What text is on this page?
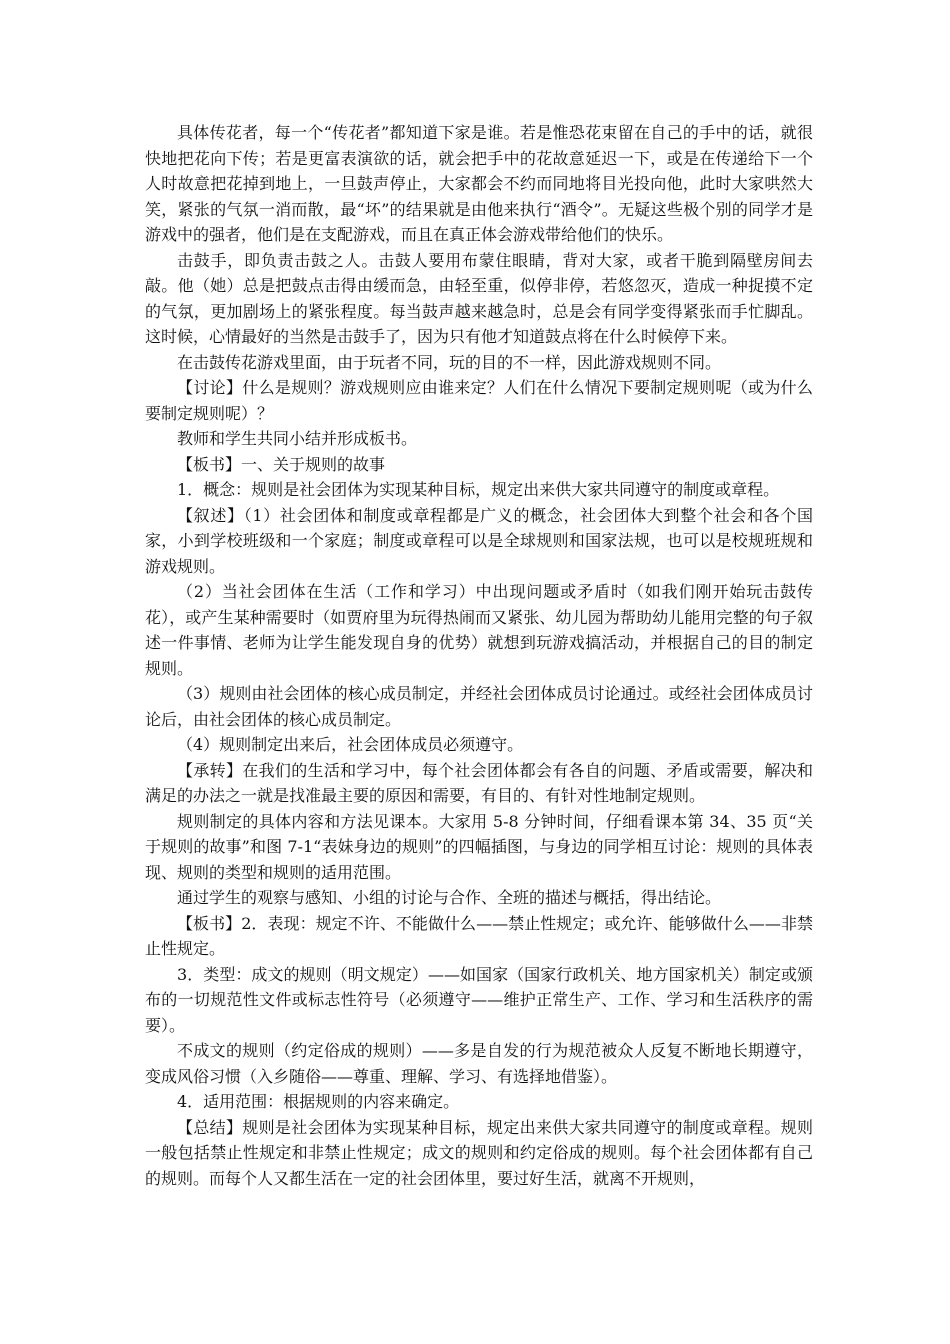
具体传花者，每一个“传花者”都知道下家是谁。若是惟恐花束留在自己的手中的话，就很快地把花向下传；若是更富表演欲的话，就会把手中的花故意延迟一下，或是在传递给下一个人时故意把花掉到地上，一旦鼓声停止，大家都会不约而同地将目光投向他，此时大家哄然大笑，紧张的气氛一消而散，最“坏”的结果就是由他来执行“酒令”。无疑这些极个别的同学才是游戏中的强者，他们是在支配游戏，而且在真正体会游戏带给他们的快乐。

击鼓手，即负责击鼓之人。击鼓人要用布蒙住眼睛，背对大家，或者干脆到隔壁房间去敲。他（她）总是把鼓点击得由缓而急，由轻至重，似停非停，若悠忽灭，造成一种捉摸不定的气氛，更加剧场上的紧张程度。每当鼓声越来越急时，总是会有同学变得紧张而手忙脚乱。这时候，心情最好的当然是击鼓手了，因为只有他才知道鼓点将在什么时候停下来。

在击鼓传花游戏里面，由于玩者不同，玩的目的不一样，因此游戏规则不同。

【讨论】什么是规则？游戏规则应由谁来定？人们在什么情况下要制定规则呢（或为什么要制定规则呢）？

教师和学生共同小结并形成板书。

【板书】一、关于规则的故事

1．概念：规则是社会团体为实现某种目标，规定出来供大家共同遵守的制度或章程。

【叙述】（1）社会团体和制度或章程都是广义的概念，社会团体大到整个社会和各个国家，小到学校班级和一个家庭；制度或章程可以是全球规则和国家法规，也可以是校规班规和游戏规则。

（2）当社会团体在生活（工作和学习）中出现问题或矛盾时（如我们刚开始玩击鼓传花），或产生某种需要时（如贾府里为玩得热闹而又紧张、幼儿园为帮助幼儿能用完整的句子叙述一件事情、老师为让学生能发现自身的优势）就想到玩游戏搞活动，并根据自己的目的制定规则。

（3）规则由社会团体的核心成员制定，并经社会团体成员讨论通过。或经社会团体成员讨论后，由社会团体的核心成员制定。

（4）规则制定出来后，社会团体成员必须遵守。

【承转】在我们的生活和学习中，每个社会团体都会有各自的问题、矛盾或需要，解决和满足的办法之一就是找准最主要的原因和需要，有目的、有针对性地制定规则。

规则制定的具体内容和方法见课本。大家用 5-8 分钟时间，仔细看课本第 34、35 页“关于规则的故事”和图 7-1“表妹身边的规则”的四幅插图，与身边的同学相互讨论：规则的具体表现、规则的类型和规则的适用范围。

通过学生的观察与感知、小组的讨论与合作、全班的描述与概括，得出结论。

【板书】2．表现：规定不许、不能做什么——禁止性规定；或允许、能够做什么——非禁止性规定。

3．类型：成文的规则（明文规定）——如国家（国家行政机关、地方国家机关）制定或颁布的一切规范性文件或标志性符号（必须遵守——维护正常生产、工作、学习和生活秩序的需要）。

不成文的规则（约定俗成的规则）——多是自发的行为规范被众人反复不断地长期遵守，变成风俗习惯（入乡随俗——尊重、理解、学习、有选择地借鉴）。

4．适用范围：根据规则的内容来确定。

【总结】规则是社会团体为实现某种目标，规定出来供大家共同遵守的制度或章程。规则一般包括禁止性规定和非禁止性规定；成文的规则和约定俗成的规则。每个社会团体都有自己的规则。而每个人又都生活在一定的社会团体里，要过好生活，就离不开规则，
